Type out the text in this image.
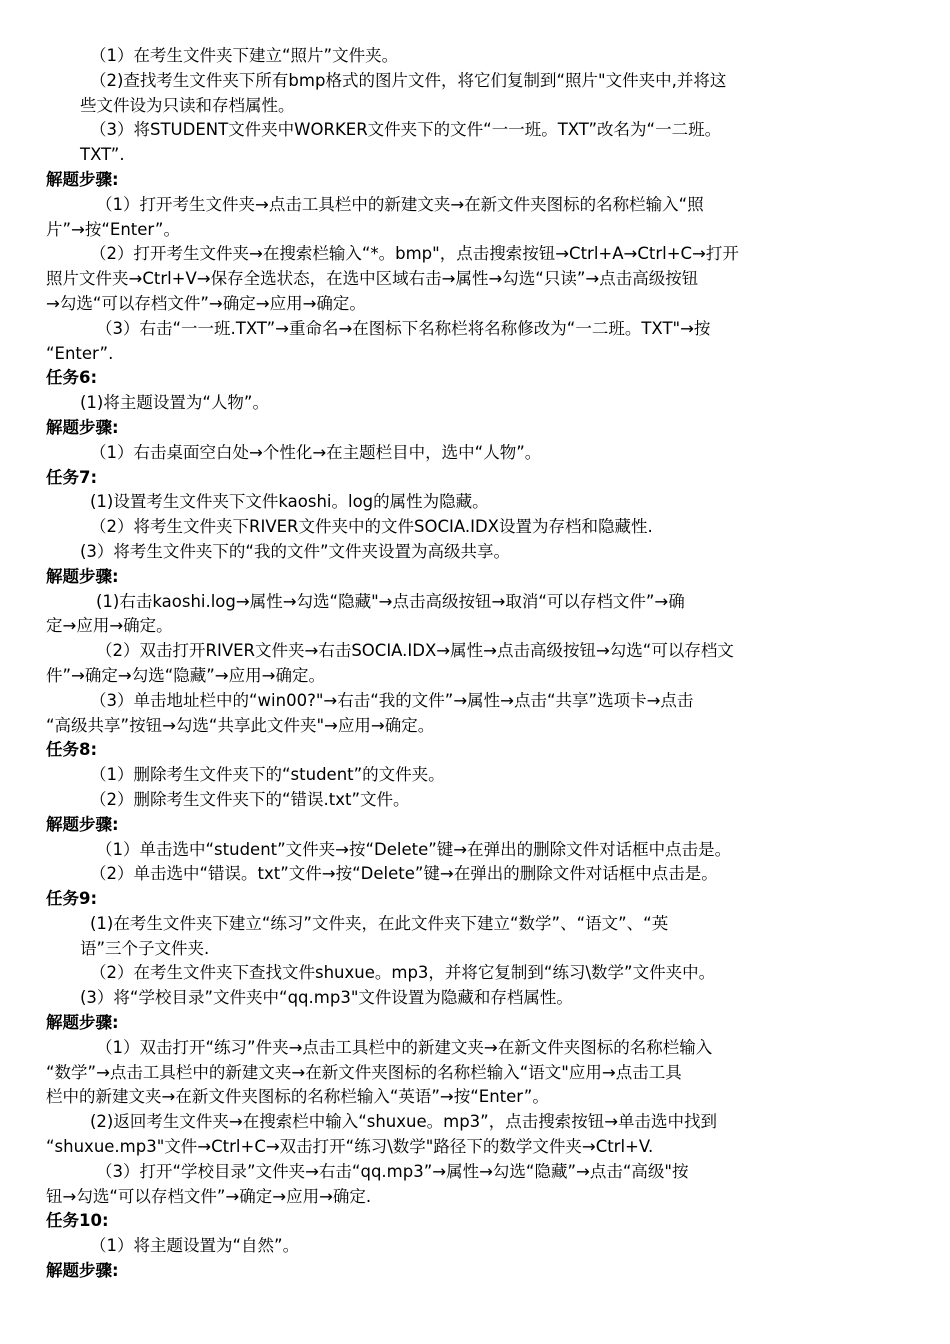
（1）在考生文件夹下建立“照片”文件夹。
（2)查找考生文件夹下所有bmp格式的图片文件，将它们复制到“照片"文件夹中,并将这
些文件设为只读和存档属性。
（3）将STUDENT文件夹中WORKER文件夹下的文件“一一班。TXT”改名为“一二班。
TXT”.
解题步骤:
（1）打开考生文件夹→点击工具栏中的新建文夹→在新文件夹图标的名称栏输入“照
片”→按“Enter”。
（2）打开考生文件夹→在搜索栏输入“*。bmp"，点击搜索按钮→Ctrl+A→Ctrl+C→打开
照片文件夹→Ctrl+V→保存全选状态，在选中区域右击→属性→勾选“只读”→点击高级按钮
→勾选“可以存档文件”→确定→应用→确定。
（3）右击“一一班.TXT”→重命名→在图标下名称栏将名称修改为“一二班。TXT"→按
“Enter”.
任务6:
(1)将主题设置为“人物”。
解题步骤:
（1）右击桌面空白处→个性化→在主题栏目中，选中“人物”。
任务7:
(1)设置考生文件夹下文件kaoshi。log的属性为隐藏。
（2）将考生文件夹下RIVER文件夹中的文件SOCIA.IDX设置为存档和隐藏性.
(3）将考生文件夹下的“我的文件”文件夹设置为高级共享。
解题步骤:
(1)右击kaoshi.log→属性→勾选“隐藏"→点击高级按钮→取消“可以存档文件”→确
定→应用→确定。
（2）双击打开RIVER文件夹→右击SOCIA.IDX→属性→点击高级按钮→勾选“可以存档文
件”→确定→勾选“隐藏”→应用→确定。
（3）单击地址栏中的“win00?"→右击“我的文件”→属性→点击“共享”选项卡→点击
“高级共享”按钮→勾选“共享此文件夹"→应用→确定。
任务8:
（1）删除考生文件夹下的“student”的文件夹。
（2）删除考生文件夹下的“错误.txt”文件。
解题步骤:
（1）单击选中“student”文件夹→按“Delete”键→在弹出的删除文件对话框中点击是。
（2）单击选中“错误。txt”文件→按“Delete”键→在弹出的删除文件对话框中点击是。
任务9:
(1)在考生文件夹下建立“练习”文件夹，在此文件夹下建立“数学”、“语文”、“英
语”三个子文件夹.
（2）在考生文件夹下查找文件shuxue。mp3，并将它复制到“练习\数学”文件夹中。
(3）将“学校目录”文件夹中“qq.mp3"文件设置为隐藏和存档属性。
解题步骤:
（1）双击打开“练习”件夹→点击工具栏中的新建文夹→在新文件夹图标的名称栏输入
“数学”→点击工具栏中的新建文夹→在新文件夹图标的名称栏输入“语文"应用→点击工具
栏中的新建文夹→在新文件夹图标的名称栏输入“英语”→按“Enter”。
(2)返回考生文件夹→在搜索栏中输入“shuxue。mp3”，点击搜索按钮→单击选中找到
“shuxue.mp3"文件→Ctrl+C→双击打开“练习\数学"路径下的数学文件夹→Ctrl+V.
（3）打开“学校目录”文件夹→右击“qq.mp3”→属性→勾选“隐藏”→点击“高级"按
钮→勾选“可以存档文件”→确定→应用→确定.
任务10:
（1）将主题设置为“自然”。
解题步骤:
